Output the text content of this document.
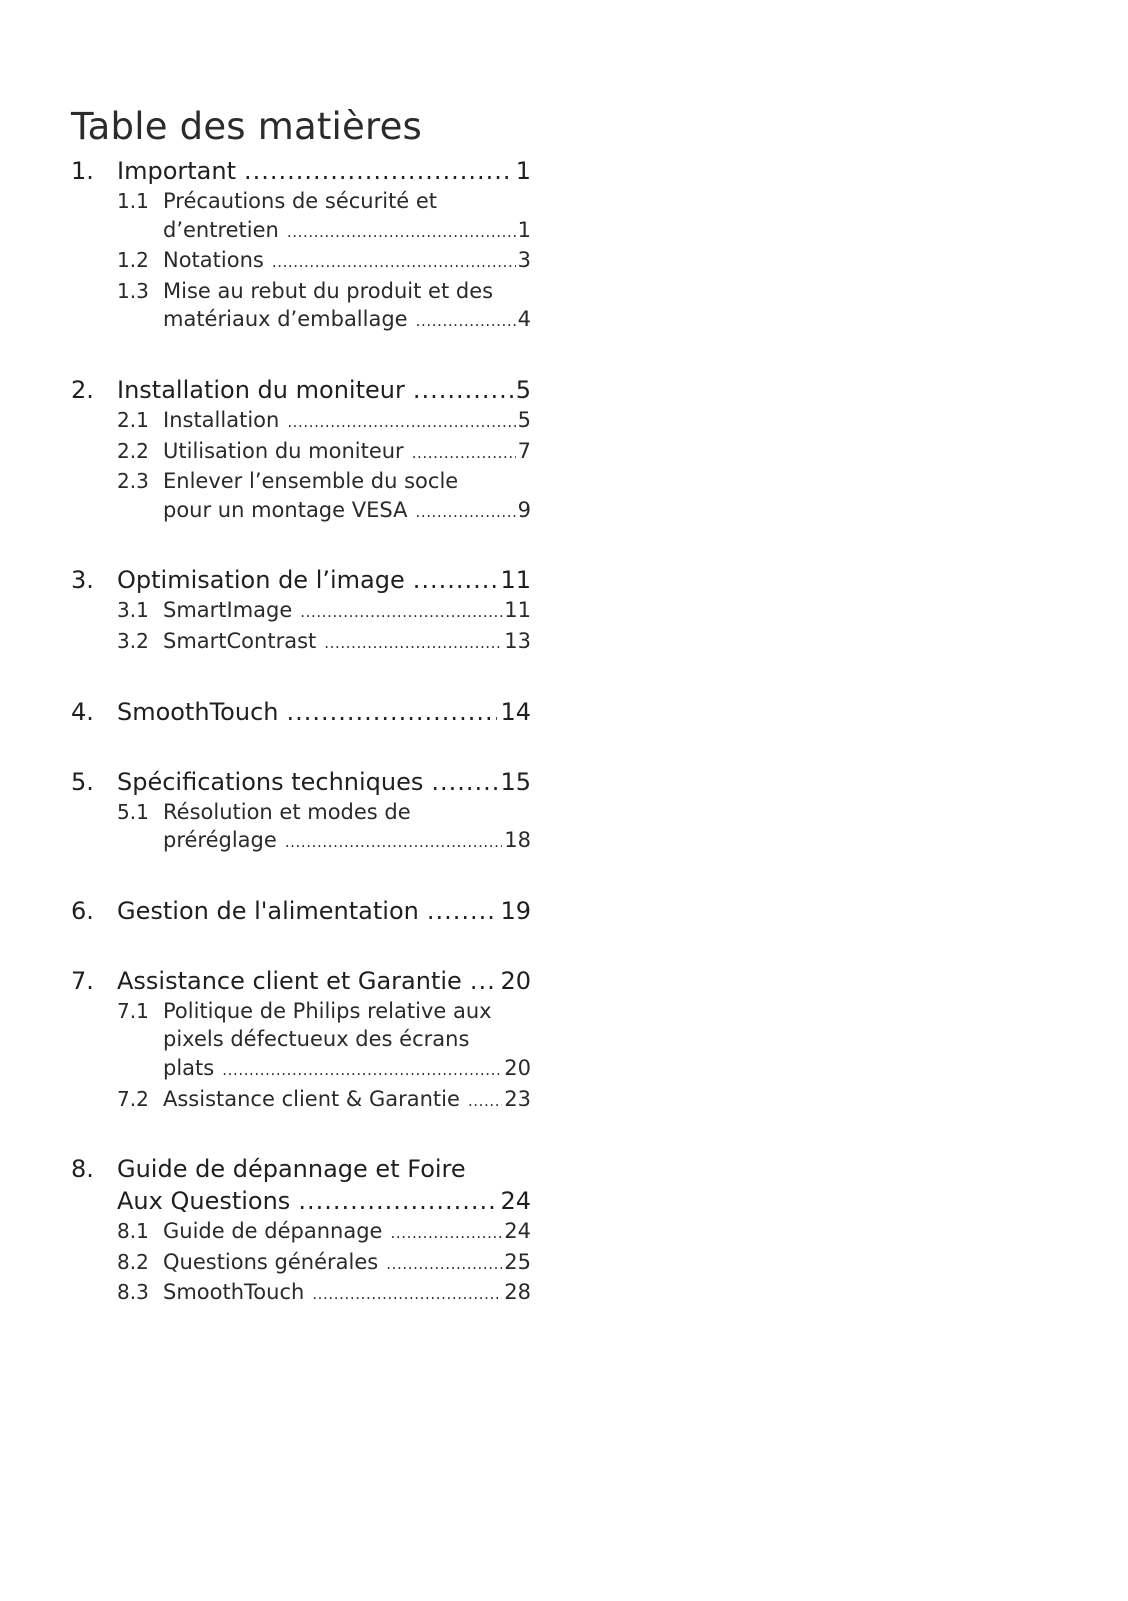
Table des matières
1. Important .....	1
1.1 Précautions de sécurité et
d’entretien .....	1
1.2 Notations .....	3
1.3 Mise au rebut du produit et des
matériaux d’emballage .....	4
2. Installation du moniteur .....	5
2.1 Installation .....	5
2.2 Utilisation du moniteur .....	7
2.3 Enlever l’ensemble du socle
pour un montage VESA .....	9
3. Optimisation de l’image .....	11
3.1 SmartImage .....	11
3.2 SmartContrast .....	13
4. SmoothTouch .....	14
5. Spécifications techniques .....	15
5.1 Résolution et modes de
préréglage .....	18
6. Gestion de l'alimentation .....	19
7. Assistance client et Garantie ..... 20
7.1 Politique de Philips relative aux pixels défectueux des écrans
plats .....	20
7.2 Assistance client & Garantie ..... 23
8. Guide de dépannage et Foire
Aux Questions .....	24
8.1 Guide de dépannage .....	24
8.2 Questions générales .....	25
8.3 SmoothTouch .....	28
